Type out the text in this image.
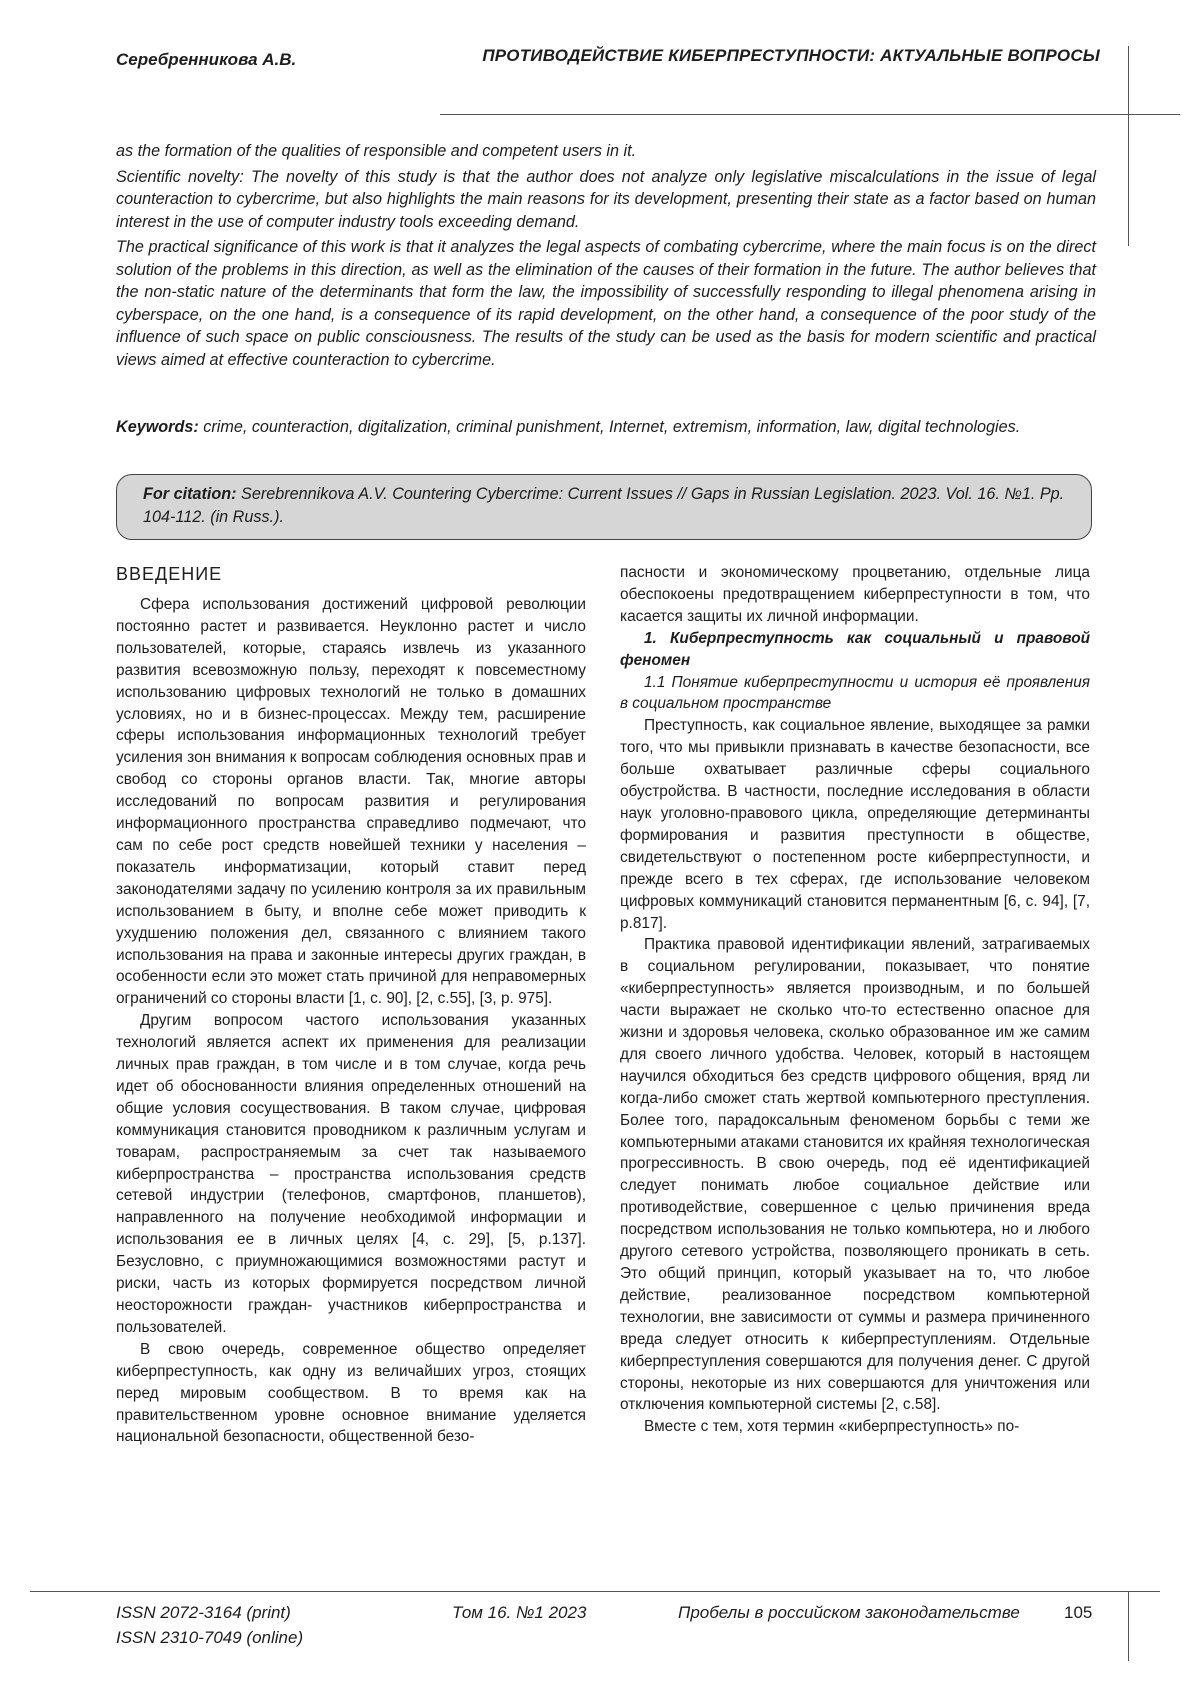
Серебренникова А.В.	ПРОТИВОДЕЙСТВИЕ КИБЕРПРЕСТУПНОСТИ: АКТУАЛЬНЫЕ ВОПРОСЫ

as the formation of the qualities of responsible and competent users in it.

Scientific novelty: The novelty of this study is that the author does not analyze only legislative miscalculations in the issue of legal counteraction to cybercrime, but also highlights the main reasons for its development, presenting their state as a factor based on human interest in the use of computer industry tools exceeding demand.

The practical significance of this work is that it analyzes the legal aspects of combating cybercrime, where the main focus is on the direct solution of the problems in this direction, as well as the elimination of the causes of their formation in the future. The author believes that the non-static nature of the determinants that form the law, the impossibility of successfully responding to illegal phenomena arising in cyberspace, on the one hand, is a consequence of its rapid development, on the other hand, a consequence of the poor study of the influence of such space on public consciousness. The results of the study can be used as the basis for modern scientific and practical views aimed at effective counteraction to cybercrime.

Keywords: crime, counteraction, digitalization, criminal punishment, Internet, extremism, information, law, digital technologies.
For citation: Serebrennikova A.V. Countering Cybercrime: Current Issues // Gaps in Russian Legislation. 2023. Vol. 16. №1. Pp. 104-112. (in Russ.).
ВВЕДЕНИЕ

Сфера использования достижений цифровой революции постоянно растет и развивается. Неуклонно растет и число пользователей, которые, стараясь извлечь из указанного развития всевозможную пользу, переходят к повсеместному использованию цифровых технологий не только в домашних условиях, но и в бизнес-процессах. Между тем, расширение сферы использования информационных технологий требует усиления зон внимания к вопросам соблюдения основных прав и свобод со стороны органов власти. Так, многие авторы исследований по вопросам развития и регулирования информационного пространства справедливо подмечают, что сам по себе рост средств новейшей техники у населения – показатель информатизации, который ставит перед законодателями задачу по усилению контроля за их правильным использованием в быту, и вполне себе может приводить к ухудшению положения дел, связанного с влиянием такого использования на права и законные интересы других граждан, в особенности если это может стать причиной для неправомерных ограничений со стороны власти [1, с. 90], [2, с.55], [3, p. 975].

Другим вопросом частого использования указанных технологий является аспект их применения для реализации личных прав граждан, в том числе и в том случае, когда речь идет об обоснованности влияния определенных отношений на общие условия сосуществования. В таком случае, цифровая коммуникация становится проводником к различным услугам и товарам, распространяемым за счет так называемого киберпространства – пространства использования средств сетевой индустрии (телефонов, смартфонов, планшетов), направленного на получение необходимой информации и использования ее в личных целях [4, с. 29], [5, p.137]. Безусловно, с приумножающимися возможностями растут и риски, часть из которых формируется посредством личной неосторожности граждан- участников киберпространства и пользователей.

В свою очередь, современное общество определяет киберпреступность, как одну из величайших угроз, стоящих перед мировым сообществом. В то время как на правительственном уровне основное внимание уделяется национальной безопасности, общественной безо-

пасности и экономическому процветанию, отдельные лица обеспокоены предотвращением киберпреступности в том, что касается защиты их личной информации.

1. Киберпреступность как социальный и правовой феномен

1.1 Понятие киберпреступности и история её проявления в социальном пространстве

Преступность, как социальное явление, выходящее за рамки того, что мы привыкли признавать в качестве безопасности, все больше охватывает различные сферы социального обустройства. В частности, последние исследования в области наук уголовно-правового цикла, определяющие детерминанты формирования и развития преступности в обществе, свидетельствуют о постепенном росте киберпреступности, и прежде всего в тех сферах, где использование человеком цифровых коммуникаций становится перманентным [6, с. 94], [7, p.817].

Практика правовой идентификации явлений, затрагиваемых в социальном регулировании, показывает, что понятие «киберпреступность» является производным, и по большей части выражает не сколько что-то естественно опасное для жизни и здоровья человека, сколько образованное им же самим для своего личного удобства. Человек, который в настоящем научился обходиться без средств цифрового общения, вряд ли когда-либо сможет стать жертвой компьютерного преступления. Более того, парадоксальным феноменом борьбы с теми же компьютерными атаками становится их крайняя технологическая прогрессивность. В свою очередь, под её идентификацией следует понимать любое социальное действие или противодействие, совершенное с целью причинения вреда посредством использования не только компьютера, но и любого другого сетевого устройства, позволяющего проникать в сеть. Это общий принцип, который указывает на то, что любое действие, реализованное посредством компьютерной технологии, вне зависимости от суммы и размера причиненного вреда следует относить к киберпреступлениям. Отдельные киберпреступления совершаются для получения денег. С другой стороны, некоторые из них совершаются для уничтожения или отключения компьютерной системы [2, с.58].

Вместе с тем, хотя термин «киберпреступность» по-

ISSN 2072-3164 (print)
ISSN 2310-7049 (online)
Том 16. №1 2023	Пробелы в российском законодательстве	105
